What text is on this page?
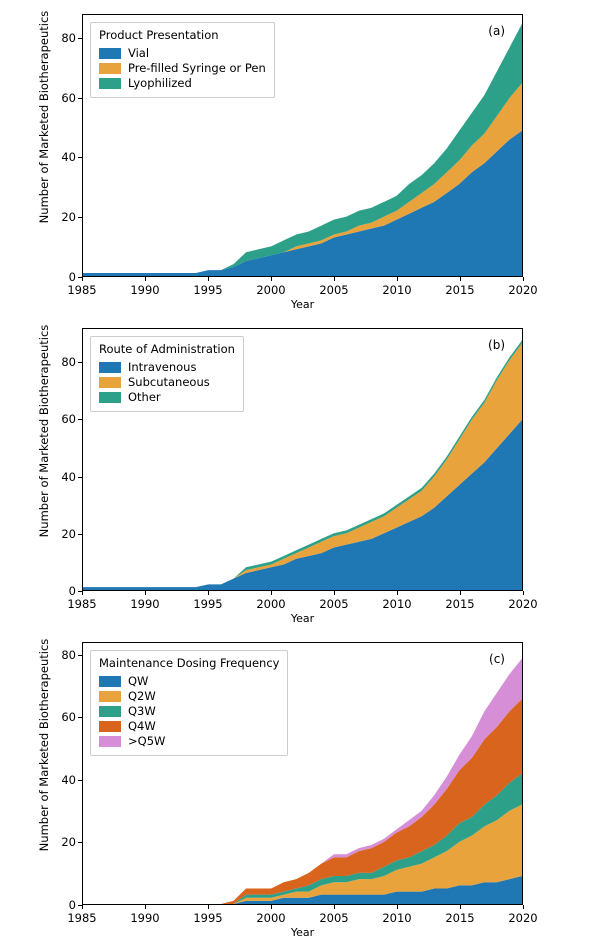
Number of Marketed Biotherapeutics	(a)
Product Presentation
Vial
Pre-filled Syringe or Pen
Lyophilized
0
20
40
60
80
1985	1990	1995	2000	2005	2010	2015	2020
Year
Number of Marketed Biotherapeutics	(b)
Route of Administration
Intravenous
Subcutaneous
Other
0
20
40
60
80
1985	1990	1995	2000	2005	2010	2015	2020
Year
Number of Marketed Biotherapeutics	(c)
Maintenance Dosing Frequency
QW
Q2W
Q3W
Q4W
>Q5W
0
20
40
60
80
1985	1990	1995	2000	2005	2010	2015	2020
Year
